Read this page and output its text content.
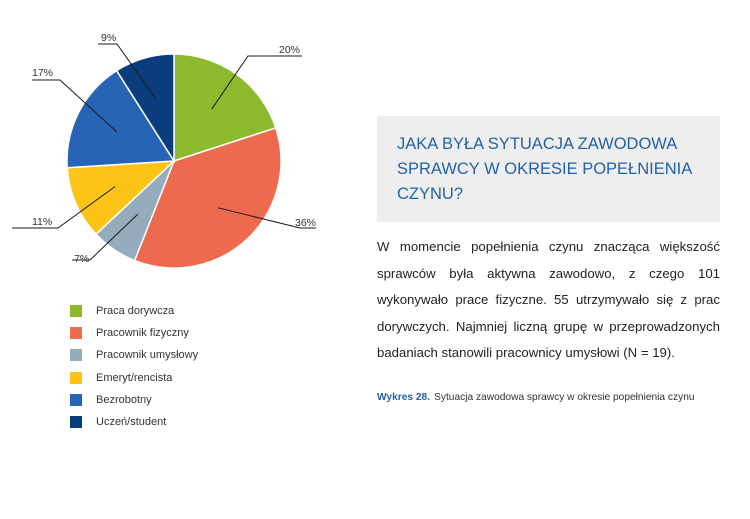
20%
36%
7%
11%
17%
9%
Praca dorywcza
Pracownik fizyczny
Pracownik umysłowy
Emeryt/rencista
Bezrobotny
Uczeń/student
JAKA BYŁA SYTUACJA ZAWODOWA SPRAWCY W OKRESIE POPEŁNIENIA CZYNU?

W momencie popełnienia czynu znacząca większość sprawców była aktywna zawodowo, z czego 101 wykonywało prace fizyczne. 55 utrzymywało się z prac dorywczych. Najmniej liczną grupę w przeprowadzonych badaniach stanowili pracownicy umysłowi (N = 19).

Wykres 28. Sytuacja zawodowa sprawcy w okresie popełnienia czynu
